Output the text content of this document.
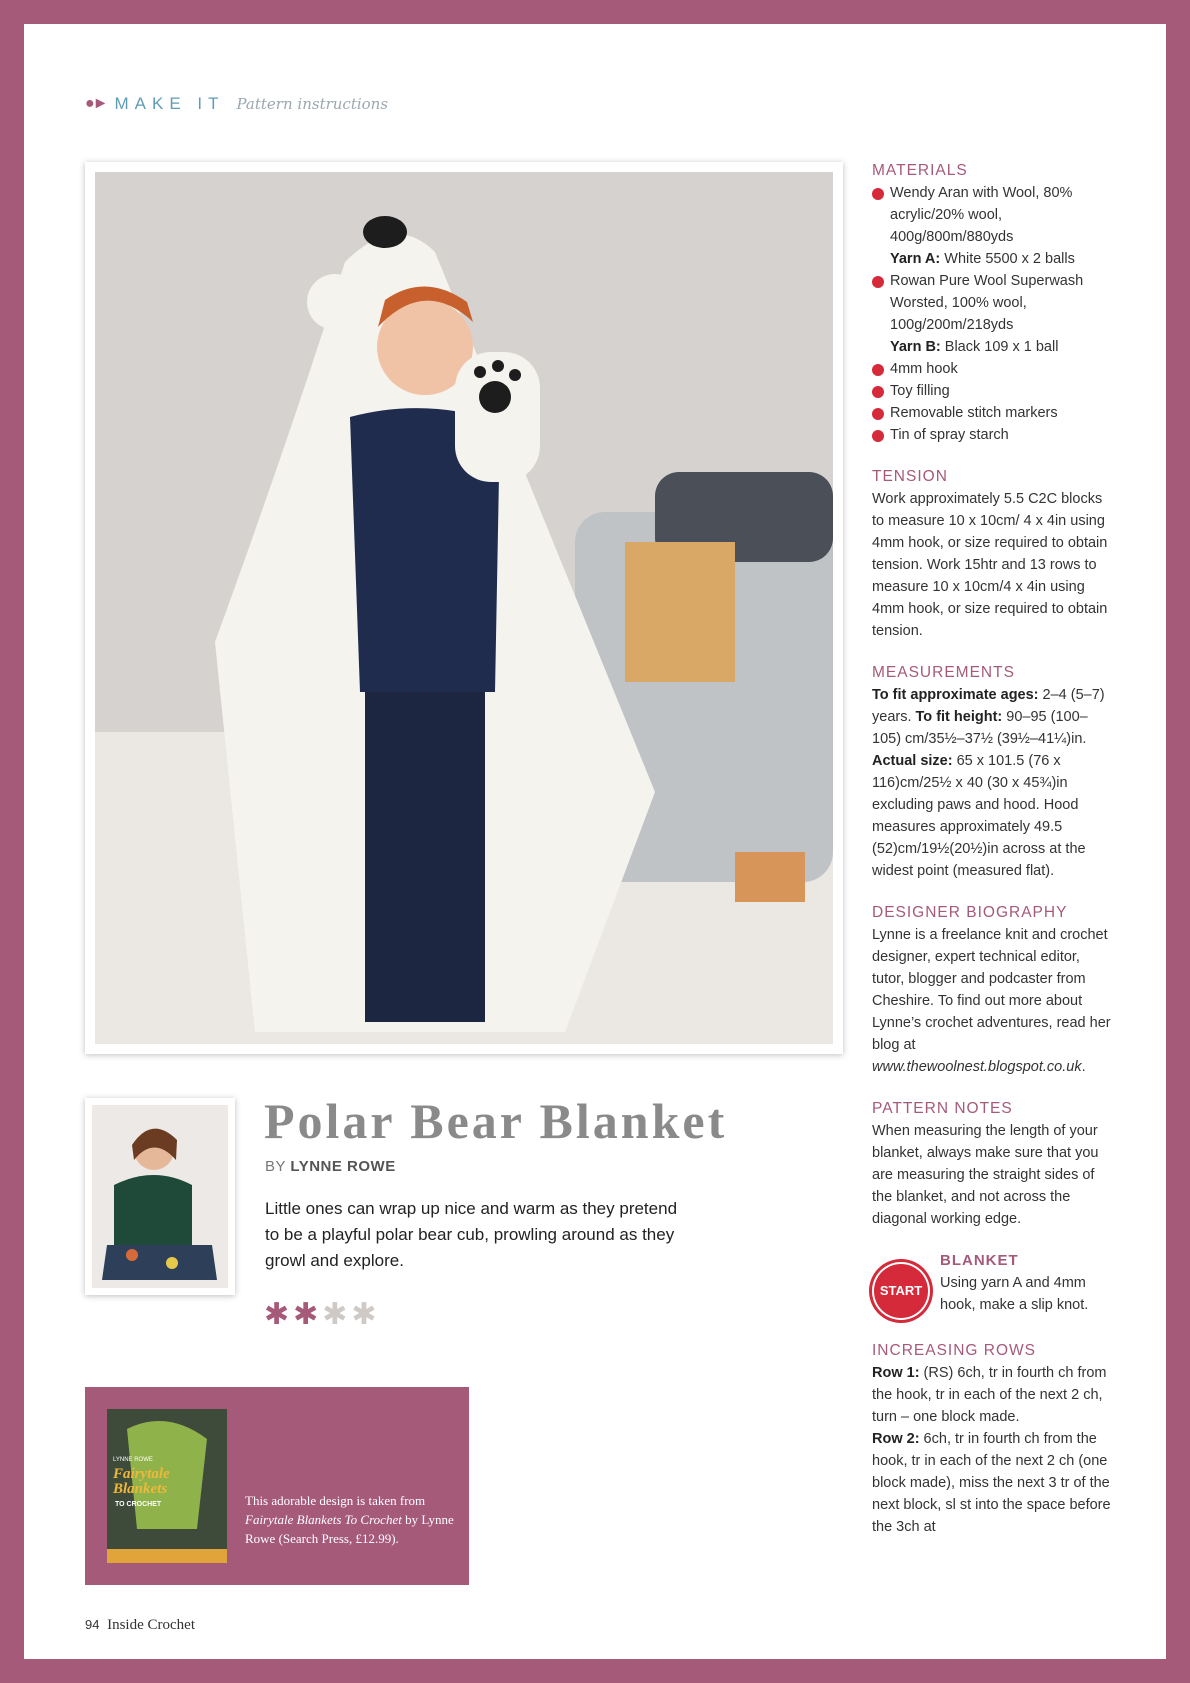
●► MAKE IT Pattern instructions
Polar Bear Blanket
BY LYNNE ROWE

Little ones can wrap up nice and warm as they pretend to be a playful polar bear cub, prowling around as they growl and explore.

✱ ✱ ✱ ✱
LYNNE ROWE
Fairytale
Blankets
TO CROCHET	This adorable design is taken from Fairytale Blankets To Crochet by Lynne Rowe (Search Press, £12.99).

94 Inside Crochet
MATERIALS
Wendy Aran with Wool, 80% acrylic/20% wool, 400g/800m/880yds
Yarn A: White 5500 x 2 balls
Rowan Pure Wool Superwash Worsted, 100% wool, 100g/200m/218yds
Yarn B: Black 109 x 1 ball
4mm hook
Toy filling
Removable stitch markers
Tin of spray starch
TENSION

Work approximately 5.5 C2C blocks to measure 10 x 10cm/ 4 x 4in using 4mm hook, or size required to obtain tension. Work 15htr and 13 rows to measure 10 x 10cm/4 x 4in using 4mm hook, or size required to obtain tension.

MEASUREMENTS

To fit approximate ages: 2–4 (5–7) years. To fit height: 90–95 (100–105) cm/35½–37½ (39½–41¼)in. Actual size: 65 x 101.5 (76 x 116)cm/25½ x 40 (30 x 45¾)in excluding paws and hood. Hood measures approximately 49.5 (52)cm/19½(20½)in across at the widest point (measured flat).

DESIGNER BIOGRAPHY

Lynne is a freelance knit and crochet designer, expert technical editor, tutor, blogger and podcaster from Cheshire. To find out more about Lynne’s crochet adventures, read her blog at www.thewoolnest.blogspot.co.uk.

PATTERN NOTES

When measuring the length of your blanket, always make sure that you are measuring the straight sides of the blanket, and not across the diagonal working edge.

START
BLANKET

Using yarn A and 4mm hook, make a slip knot.

INCREASING ROWS

Row 1: (RS) 6ch, tr in fourth ch from the hook, tr in each of the next 2 ch, turn – one block made.

Row 2: 6ch, tr in fourth ch from the hook, tr in each of the next 2 ch (one block made), miss the next 3 tr of the next block, sl st into the space before the 3ch at
